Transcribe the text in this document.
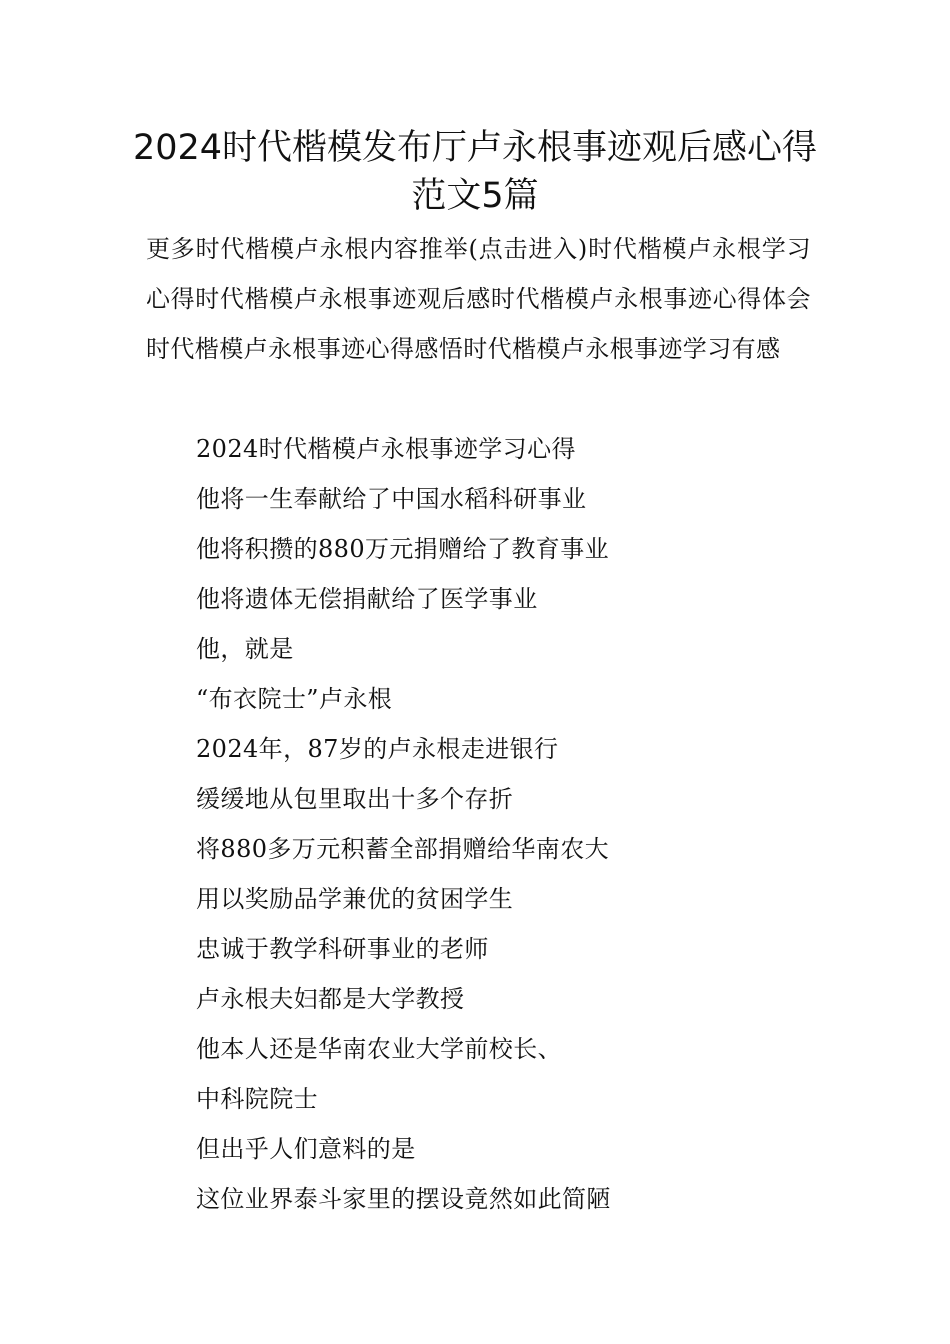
2024时代楷模发布厅卢永根事迹观后感心得范文5篇

更多时代楷模卢永根内容推举(点击进入)时代楷模卢永根学习心得时代楷模卢永根事迹观后感时代楷模卢永根事迹心得体会时代楷模卢永根事迹心得感悟时代楷模卢永根事迹学习有感

2024时代楷模卢永根事迹学习心得
他将一生奉献给了中国水稻科研事业
他将积攒的880万元捐赠给了教育事业
他将遗体无偿捐献给了医学事业
他，就是
“布衣院士”卢永根
2024年，87岁的卢永根走进银行
缓缓地从包里取出十多个存折
将880多万元积蓄全部捐赠给华南农大
用以奖励品学兼优的贫困学生
忠诚于教学科研事业的老师
卢永根夫妇都是大学教授
他本人还是华南农业大学前校长、
中科院院士
但出乎人们意料的是
这位业界泰斗家里的摆设竟然如此简陋
